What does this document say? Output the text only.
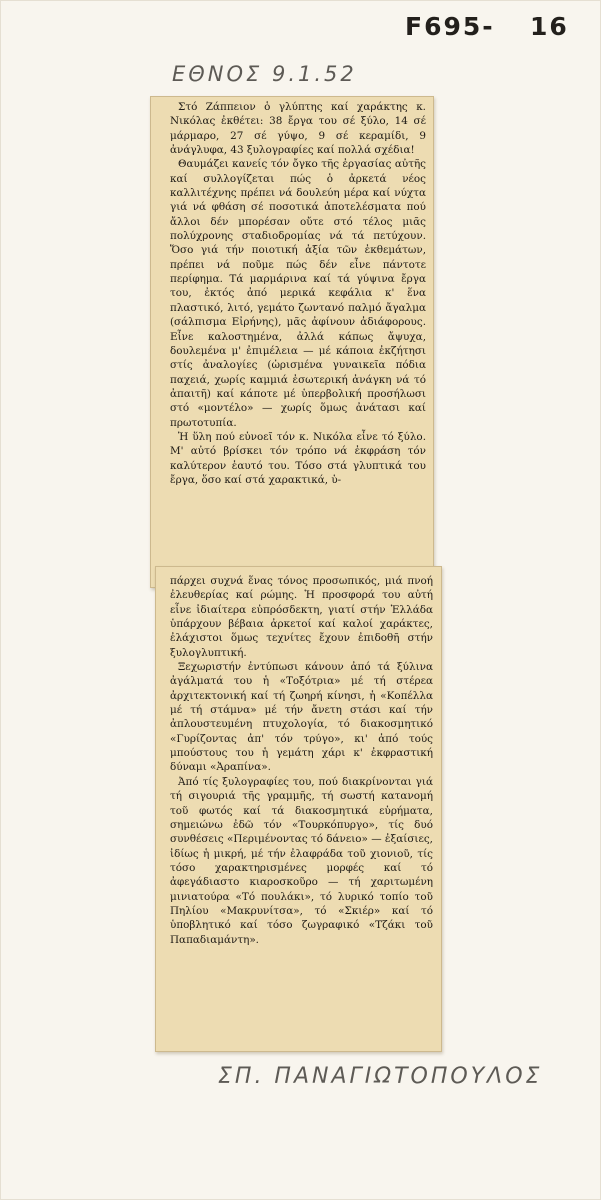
F695- 16
ΕΘΝΟΣ 9.1.52

Στό Ζάππειον ὁ γλύπτης καί χαράκτης κ. Νικόλας ἐκθέτει: 38 ἔργα του σέ ξύλο, 14 σέ μάρμαρο, 27 σέ γύψο, 9 σέ κεραμίδι, 9 ἀνάγλυφα, 43 ξυλογραφίες καί πολλά σχέδια!

Θαυμάζει κανείς τόν ὄγκο τῆς ἐργασίας αὐτῆς καί συλλογίζεται πώς ὁ ἀρκετά νέος καλλιτέχνης πρέπει νά δουλεύη μέρα καί νύχτα γιά νά φθάση σέ ποσοτικά ἀποτελέσματα πού ἄλλοι δέν μπορέσαν οὔτε στό τέλος μιᾶς πολύχρονης σταδιοδρομίας νά τά πετύχουν. Ὅσο γιά τήν ποιοτική ἀξία τῶν ἐκθεμάτων, πρέπει νά ποῦμε πώς δέν εἶνε πάντοτε περίφημα. Τά μαρμάρινα καί τά γύψινα ἔργα του, ἐκτός ἀπό μερικά κεφάλια κ' ἕνα πλαστικό, λιτό, γεμάτο ζωντανό παλμό ἄγαλμα (σάλπισμα Εἰρήνης), μᾶς ἀφίνουν ἀδιάφορους. Εἶνε καλοστημένα, ἀλλά κάπως ἄψυχα, δουλεμένα μ' ἐπιμέλεια — μέ κάποια ἐκζήτησι στίς ἀναλογίες (ὡρισμένα γυναικεῖα πόδια παχειά, χωρίς καμμιά ἐσωτερική ἀνάγκη νά τό ἀπαιτῆ) καί κάποτε μέ ὑπερβολική προσήλωσι στό «μοντέλο» — χωρίς ὅμως ἀνάτασι καί πρωτοτυπία.

Ἡ ὕλη πού εὐνοεῖ τόν κ. Νικόλα εἶνε τό ξύλο. Μ' αὐτό βρίσκει τόν τρόπο νά ἐκφράση τόν καλύτερον ἑαυτό του. Τόσο στά γλυπτικά του ἔργα, ὅσο καί στά χαρακτικά, ὑ-

πάρχει συχνά ἕνας τόνος προσωπικός, μιά πνοή ἐλευθερίας καί ρώμης. Ἡ προσφορά του αὐτή εἶνε ἰδιαίτερα εὐπρόσδεκτη, γιατί στήν Ἑλλάδα ὑπάρχουν βέβαια ἀρκετοί καί καλοί χαράκτες, ἐλάχιστοι ὅμως τεχνίτες ἔχουν ἐπιδοθῆ στήν ξυλογλυπτική.

Ξεχωριστήν ἐντύπωσι κάνουν ἀπό τά ξύλινα ἀγάλματά του ἡ «Τοξότρια» μέ τή στέρεα ἀρχιτεκτονική καί τή ζωηρή κίνησι, ἡ «Κοπέλλα μέ τή στάμνα» μέ τήν ἄνετη στάσι καί τήν ἀπλουστευμένη πτυχολογία, τό διακοσμητικό «Γυρίζοντας ἀπ' τόν τρύγο», κι' ἀπό τούς μπούστους του ἡ γεμάτη χάρι κ' ἐκφραστική δύναμι «Ἀραπίνα».

Ἀπό τίς ξυλογραφίες του, πού διακρίνονται γιά τή σιγουριά τῆς γραμμῆς, τή σωστή κατανομή τοῦ φωτός καί τά διακοσμητικά εὑρήματα, σημειώνω ἐδῶ τόν «Τουρκόπυργο», τίς δυό συνθέσεις «Περιμένοντας τό δάνειο» — ἐξαίσιες, ἰδίως ἡ μικρή, μέ τήν ἐλαφράδα τοῦ χιονιοῦ, τίς τόσο χαρακτηρισμένες μορφές καί τό ἀφεγάδιαστο κιαροσκοῦρο — τή χαριτωμένη μινιατούρα «Τό πουλάκι», τό λυρικό τοπίο τοῦ Πηλίου «Μακρυνίτσα», τό «Σκιέρ» καί τό ὑποβλητικό καί τόσο ζωγραφικό «Τζάκι τοῦ Παπαδιαμάντη».

ΣΠ. ΠΑΝΑΓΙΩΤΟΠΟΥΛΟΣ
